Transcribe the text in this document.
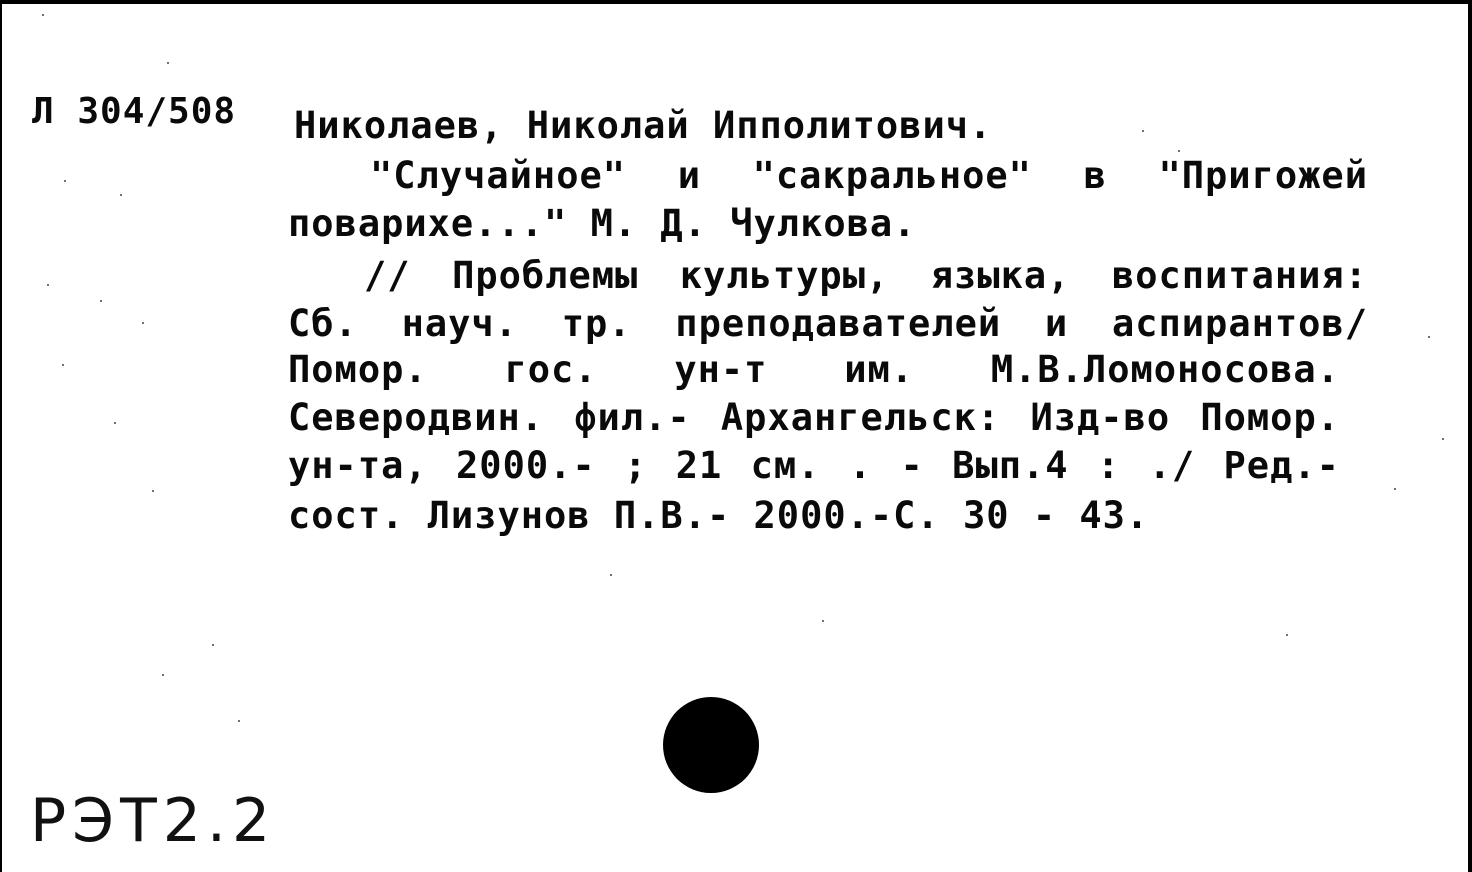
Л 304/508 Николаев, Николай Ипполитович.
"Случайное" и "сакральное" в "Пригожей
поварихе..." М. Д. Чулкова.
// Проблемы культуры, языка, воспитания:
Сб. науч. тр. преподавателей и аспирантов/
Помор. гос. ун-т им. М.В.Ломоносова.
Северодвин. фил.- Архангельск: Изд-во Помор.
ун-та, 2000.- ; 21 см. . - Вып.4 : ./ Ред.-
сост. Лизунов П.В.- 2000.-С. 30 - 43.
РЭТ2.2
